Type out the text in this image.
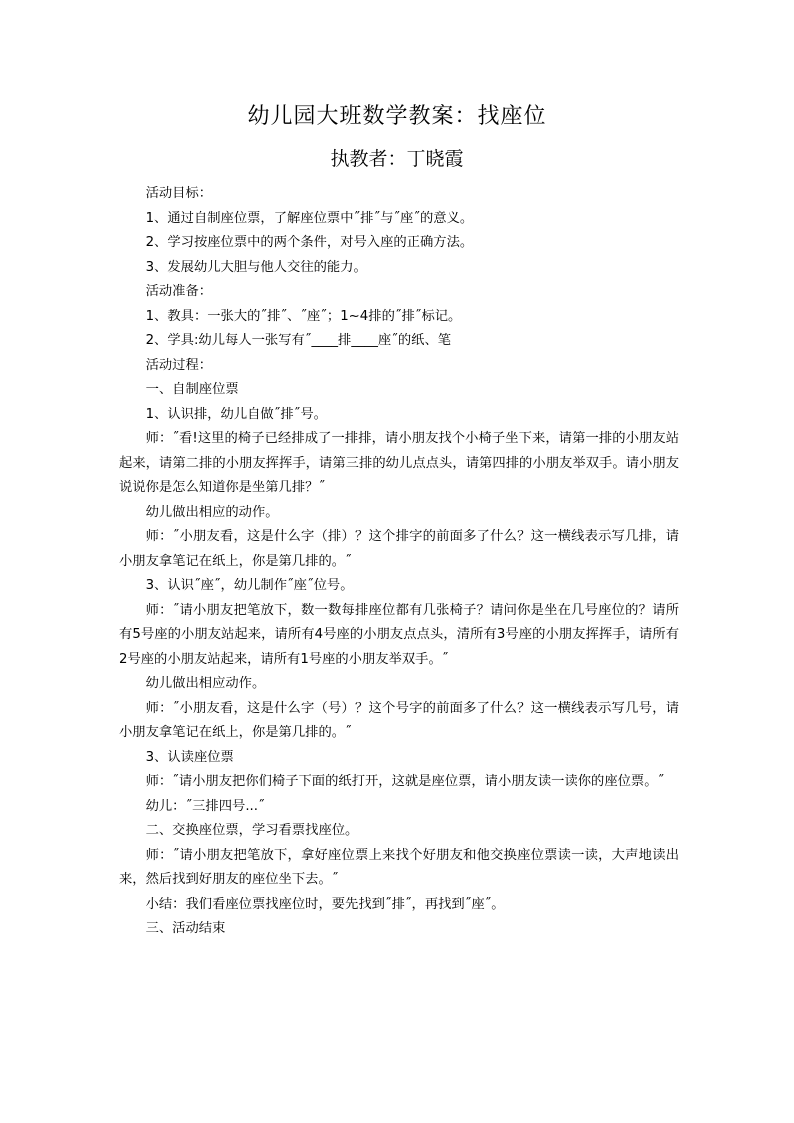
幼儿园大班数学教案：找座位
执教者：丁晓霞

活动目标：

1、通过自制座位票，了解座位票中˝排˝与˝座˝的意义。

2、学习按座位票中的两个条件，对号入座的正确方法。

3、发展幼儿大胆与他人交往的能力。

活动准备：

1、教具：一张大的˝排˝、˝座˝；1~4排的˝排˝标记。

2、学具:幼儿每人一张写有˝____排____座˝的纸、笔

活动过程：

一、自制座位票

1、认识排，幼儿自做˝排˝号。

师：˝看!这里的椅子已经排成了一排排，请小朋友找个小椅子坐下来，请第一排的小朋友站起来，请第二排的小朋友挥挥手，请第三排的幼儿点点头，请第四排的小朋友举双手。请小朋友说说你是怎么知道你是坐第几排？˝

幼儿做出相应的动作。

师：˝小朋友看，这是什么字（排）？这个排字的前面多了什么？这一横线表示写几排，请小朋友拿笔记在纸上，你是第几排的。˝

3、认识˝座˝，幼儿制作˝座˝位号。

师：˝请小朋友把笔放下，数一数每排座位都有几张椅子？请问你是坐在几号座位的？请所有5号座的小朋友站起来，请所有4号座的小朋友点点头，清所有3号座的小朋友挥挥手，请所有2号座的小朋友站起来，请所有1号座的小朋友举双手。˝

幼儿做出相应动作。

师：˝小朋友看，这是什么字（号）？这个号字的前面多了什么？这一横线表示写几号，请小朋友拿笔记在纸上，你是第几排的。˝

3、认读座位票

师：˝请小朋友把你们椅子下面的纸打开，这就是座位票，请小朋友读一读你的座位票。˝

幼儿：˝三排四号...˝

二、交换座位票，学习看票找座位。

师：˝请小朋友把笔放下，拿好座位票上来找个好朋友和他交换座位票读一读，大声地读出来，然后找到好朋友的座位坐下去。˝

小结：我们看座位票找座位时，要先找到˝排˝，再找到˝座˝。

三、活动结束
